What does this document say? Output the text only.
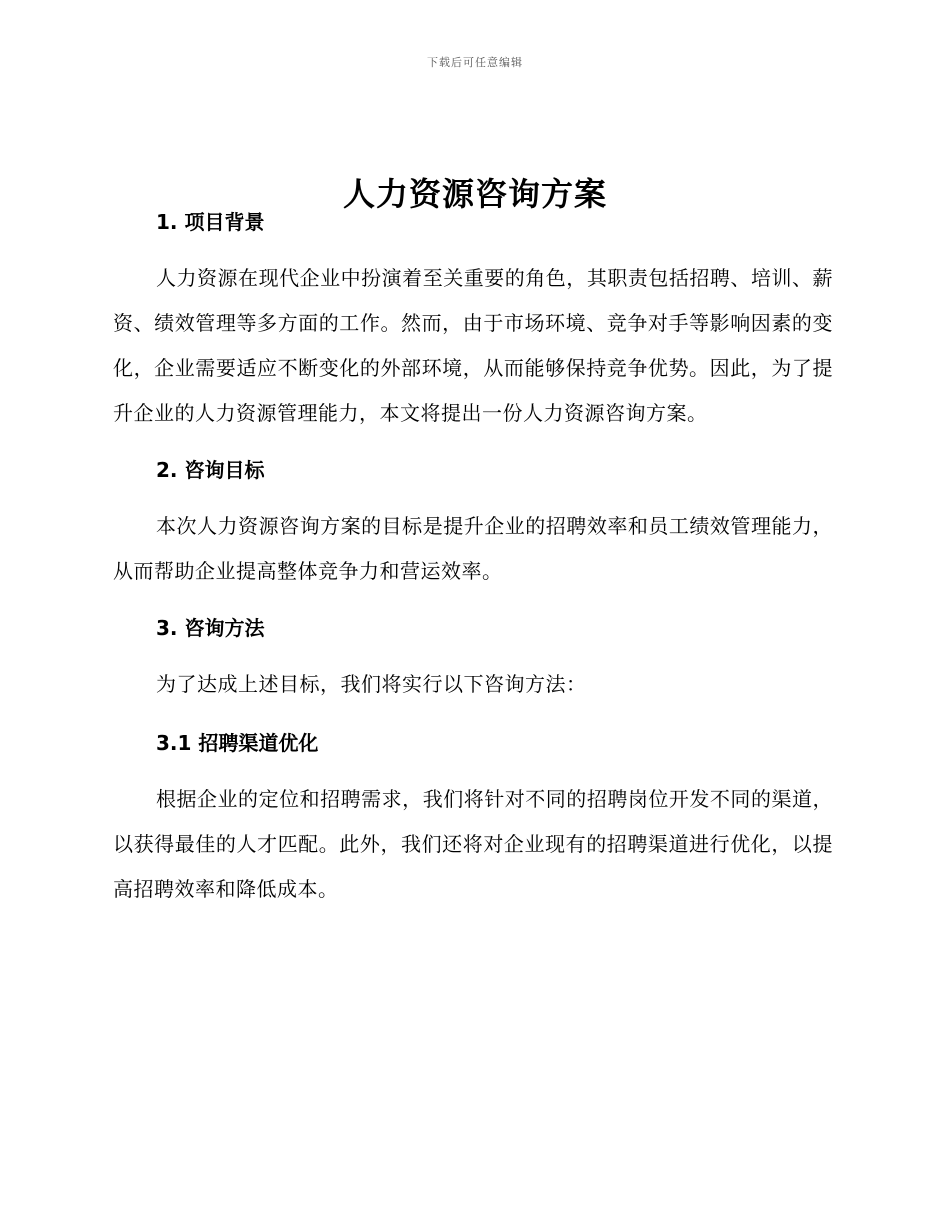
下载后可任意编辑
人力资源咨询方案

1. 项目背景

人力资源在现代企业中扮演着至关重要的角色，其职责包括招聘、培训、薪资、绩效管理等多方面的工作。然而，由于市场环境、竞争对手等影响因素的变化，企业需要适应不断变化的外部环境，从而能够保持竞争优势。因此，为了提升企业的人力资源管理能力，本文将提出一份人力资源咨询方案。

2. 咨询目标

本次人力资源咨询方案的目标是提升企业的招聘效率和员工绩效管理能力，从而帮助企业提高整体竞争力和营运效率。

3. 咨询方法

为了达成上述目标，我们将实行以下咨询方法：

3.1 招聘渠道优化

根据企业的定位和招聘需求，我们将针对不同的招聘岗位开发不同的渠道，以获得最佳的人才匹配。此外，我们还将对企业现有的招聘渠道进行优化，以提高招聘效率和降低成本。
